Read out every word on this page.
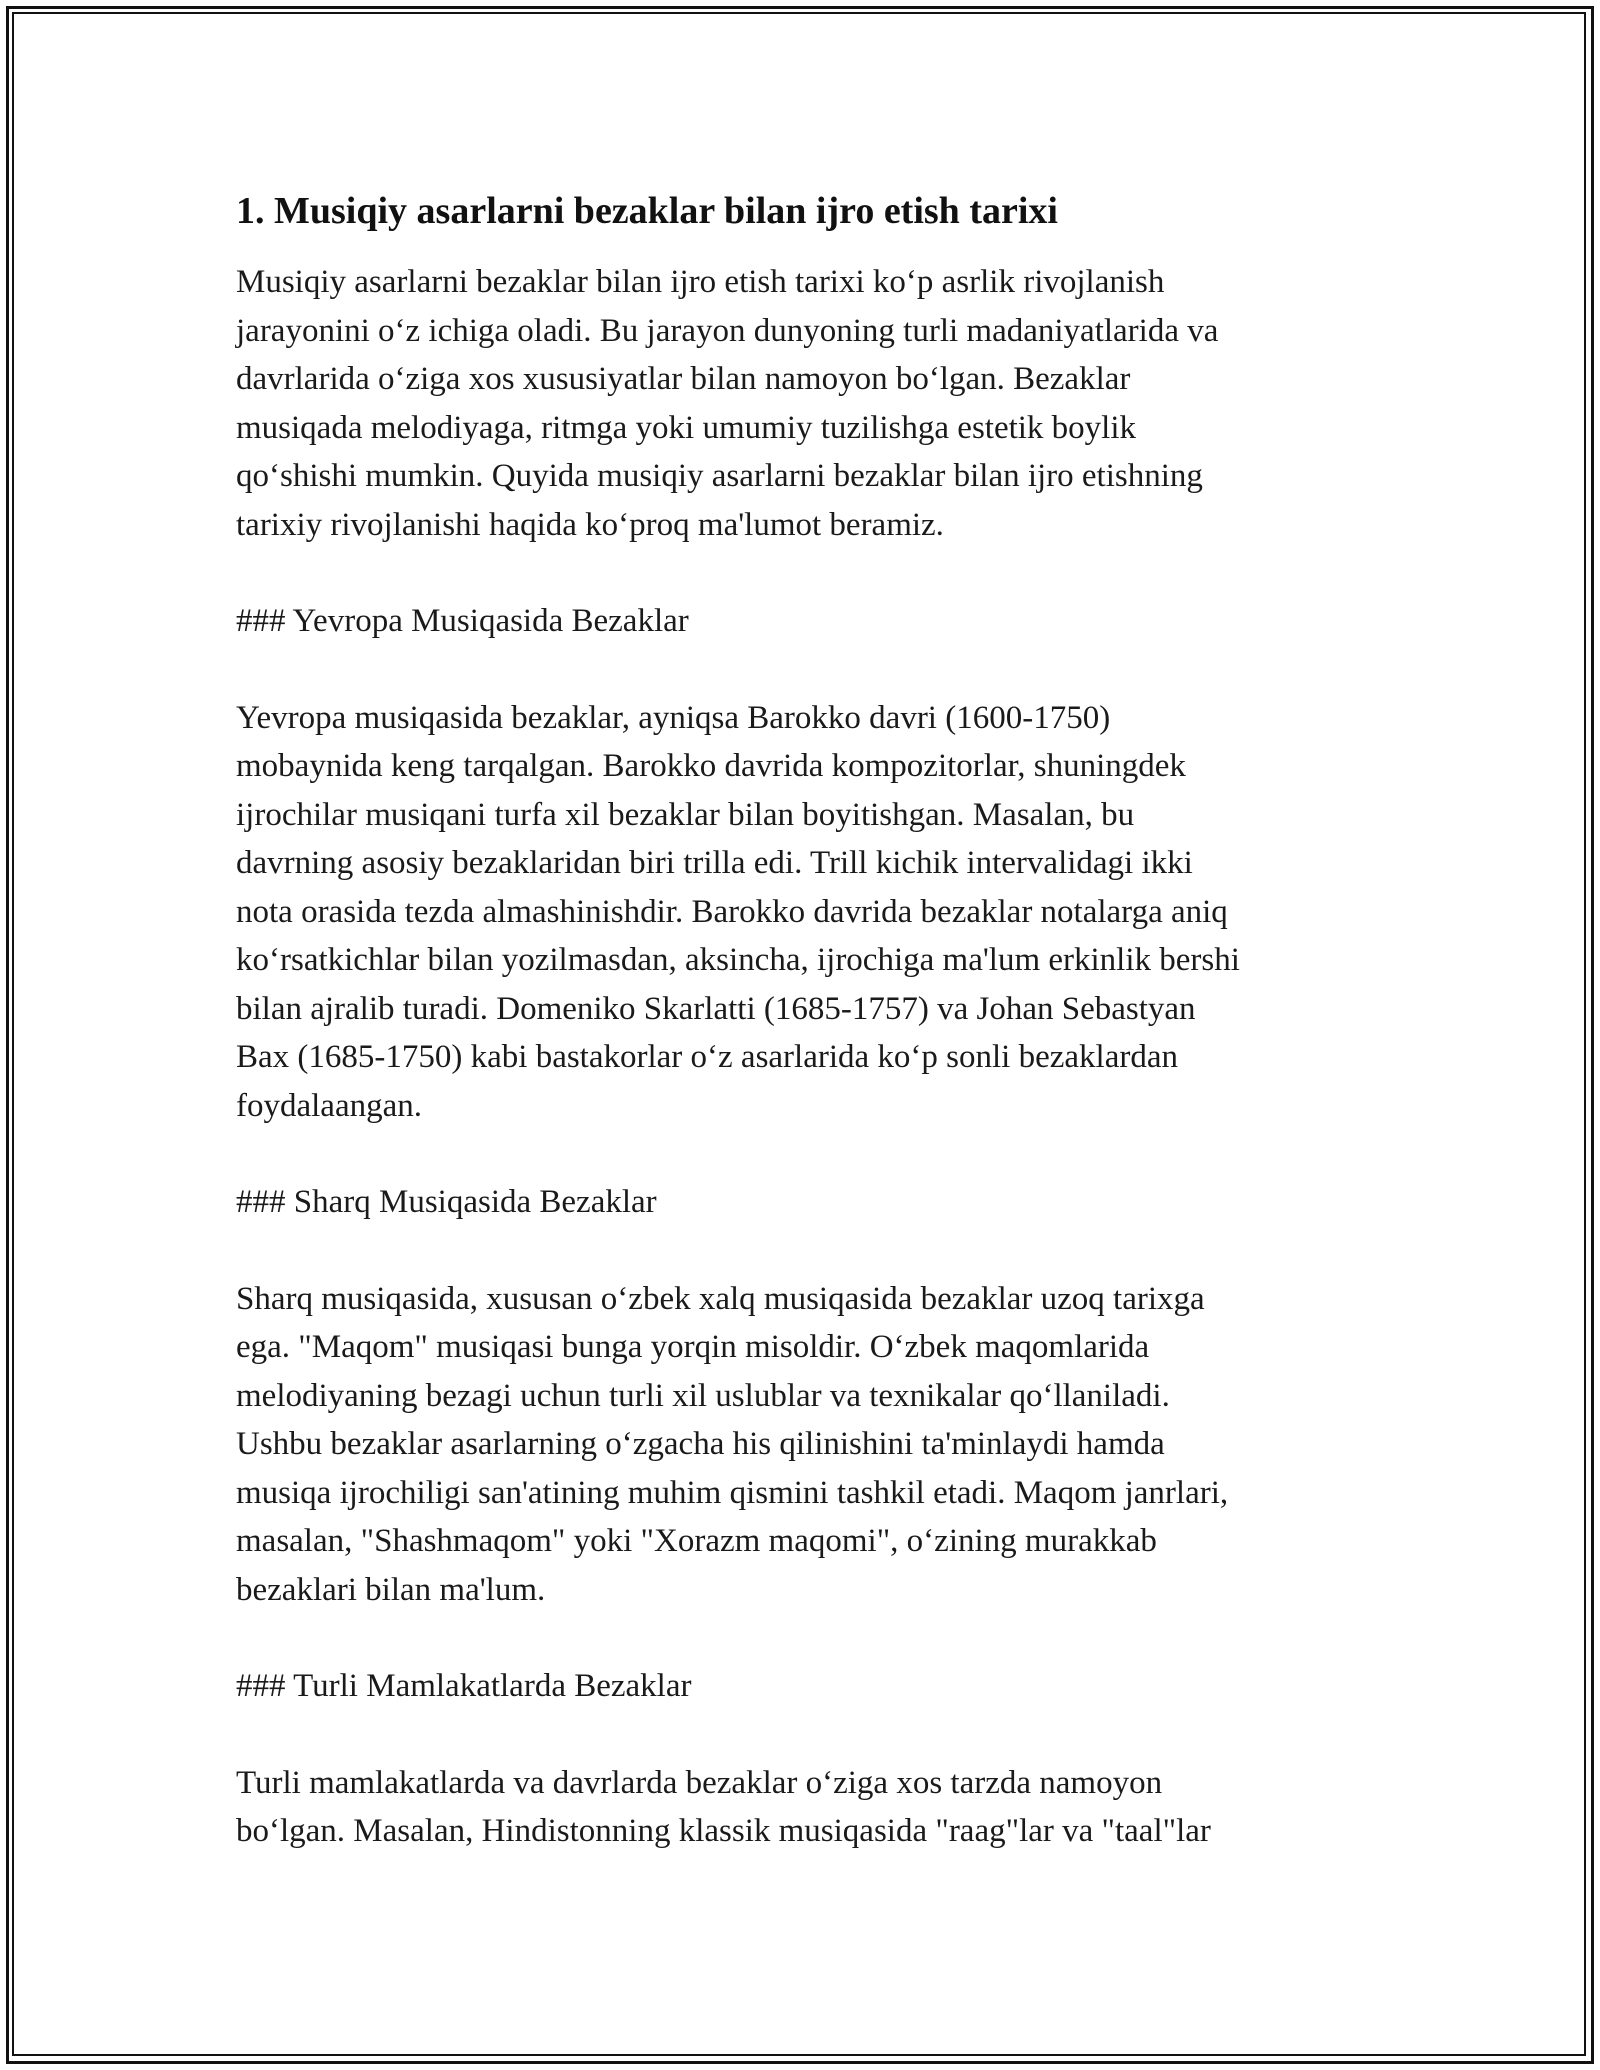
1. Musiqiy asarlarni bezaklar bilan ijro etish tarixi

Musiqiy asarlarni bezaklar bilan ijro etish tarixi ko‘p asrlik rivojlanish
jarayonini o‘z ichiga oladi. Bu jarayon dunyoning turli madaniyatlarida va
davrlarida o‘ziga xos xususiyatlar bilan namoyon bo‘lgan. Bezaklar
musiqada melodiyaga, ritmga yoki umumiy tuzilishga estetik boylik
qo‘shishi mumkin. Quyida musiqiy asarlarni bezaklar bilan ijro etishning
tarixiy rivojlanishi haqida ko‘proq ma'lumot beramiz.

### Yevropa Musiqasida Bezaklar

Yevropa musiqasida bezaklar, ayniqsa Barokko davri (1600-1750)
mobaynida keng tarqalgan. Barokko davrida kompozitorlar, shuningdek
ijrochilar musiqani turfa xil bezaklar bilan boyitishgan. Masalan, bu
davrning asosiy bezaklaridan biri trilla edi. Trill kichik intervalidagi ikki
nota orasida tezda almashinishdir. Barokko davrida bezaklar notalarga aniq
ko‘rsatkichlar bilan yozilmasdan, aksincha, ijrochiga ma'lum erkinlik bershi
bilan ajralib turadi. Domeniko Skarlatti (1685-1757) va Johan Sebastyan
Bax (1685-1750) kabi bastakorlar o‘z asarlarida ko‘p sonli bezaklardan
foydalaangan.

### Sharq Musiqasida Bezaklar

Sharq musiqasida, xususan o‘zbek xalq musiqasida bezaklar uzoq tarixga
ega. "Maqom" musiqasi bunga yorqin misoldir. O‘zbek maqomlarida
melodiyaning bezagi uchun turli xil uslublar va texnikalar qo‘llaniladi.
Ushbu bezaklar asarlarning o‘zgacha his qilinishini ta'minlaydi hamda
musiqa ijrochiligi san'atining muhim qismini tashkil etadi. Maqom janrlari,
masalan, "Shashmaqom" yoki "Xorazm maqomi", o‘zining murakkab
bezaklari bilan ma'lum.

### Turli Mamlakatlarda Bezaklar

Turli mamlakatlarda va davrlarda bezaklar o‘ziga xos tarzda namoyon
bo‘lgan. Masalan, Hindistonning klassik musiqasida "raag"lar va "taal"lar
